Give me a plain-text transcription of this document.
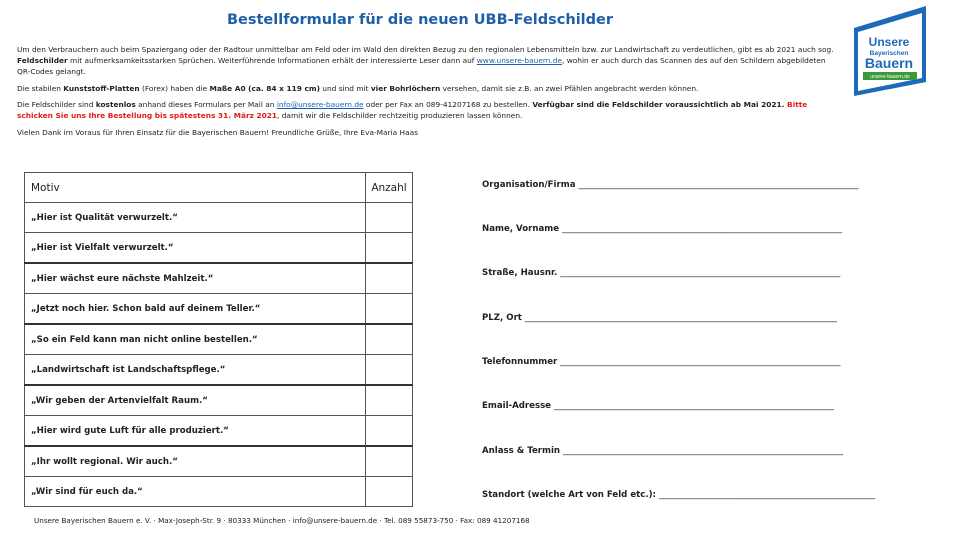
Bestellformular für die neuen UBB-Feldschilder
Unsere
Bayerischen
Bauern
unsere-bauern.de

Um den Verbrauchern auch beim Spaziergang oder der Radtour unmittelbar am Feld oder im Wald den direkten Bezug zu den regionalen Lebensmitteln bzw. zur Landwirtschaft zu verdeutlichen, gibt es ab 2021 auch sog. Feldschilder mit aufmerksamkeitsstarken Sprüchen. Weiterführende Informationen erhält der interessierte Leser dann auf www.unsere-bauern.de, wohin er auch durch das Scannen des auf den Schildern abgebildeten QR-Codes gelangt.

Die stabilen Kunststoff-Platten (Forex) haben die Maße A0 (ca. 84 x 119 cm) und sind mit vier Bohrlöchern versehen, damit sie z.B. an zwei Pfählen angebracht werden können.

Die Feldschilder sind kostenlos anhand dieses Formulars per Mail an info@unsere-bauern.de oder per Fax an 089-41207168 zu bestellen. Verfügbar sind die Feldschilder voraussichtlich ab Mai 2021. Bitte schicken Sie uns Ihre Bestellung bis spätestens 31. März 2021, damit wir die Feldschilder rechtzeitig produzieren lassen können.

Vielen Dank im Voraus für Ihren Einsatz für die Bayerischen Bauern! Freundliche Grüße, Ihre Eva-Maria Haas

Motiv	Anzahl
„Hier ist Qualität verwurzelt.“	
„Hier ist Vielfalt verwurzelt.“	
„Hier wächst eure nächste Mahlzeit.“	
„Jetzt noch hier. Schon bald auf deinem Teller.“	
„So ein Feld kann man nicht online bestellen.“	
„Landwirtschaft ist Landschaftspflege.“	
„Wir geben der Artenvielfalt Raum.“	
„Hier wird gute Luft für alle produziert.“	
„Ihr wollt regional. Wir auch.“	
„Wir sind für euch da.“	
Organisation/Firma ______________________________________________________________________
Name, Vorname ______________________________________________________________________
Straße, Hausnr. ______________________________________________________________________
PLZ, Ort ______________________________________________________________________________
Telefonnummer ______________________________________________________________________
Email-Adresse ______________________________________________________________________
Anlass & Termin ______________________________________________________________________
Standort (welche Art von Feld etc.): ______________________________________________________
Unsere Bayerischen Bauern e. V. · Max-Joseph-Str. 9 · 80333 München · info@unsere-bauern.de · Tel. 089 55873-750 · Fax: 089 41207168
